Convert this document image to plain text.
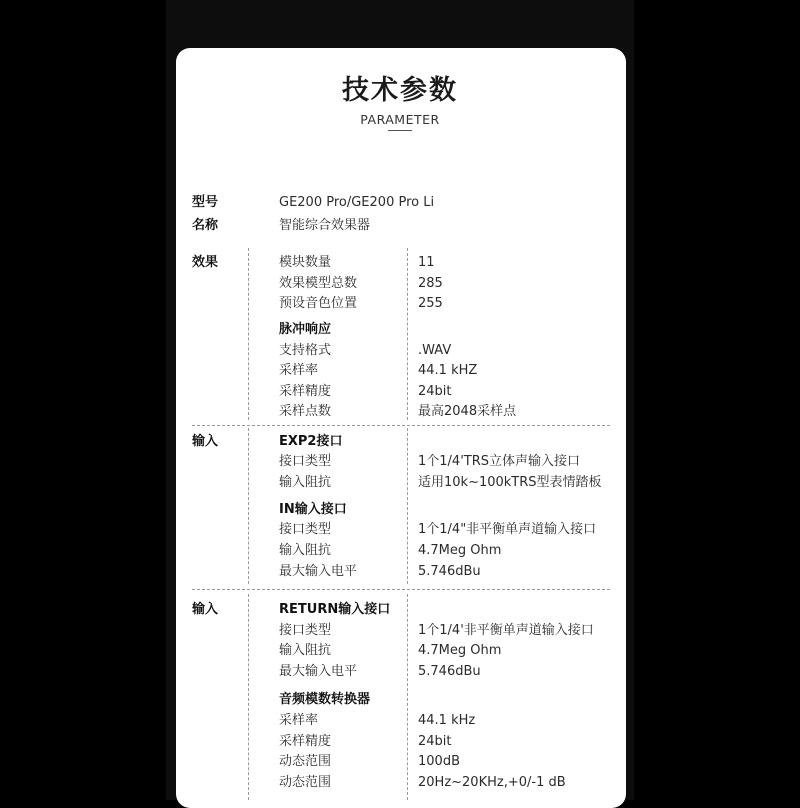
技术参数
PARAMETER
型号	GE200 Pro/GE200 Pro Li
名称	智能综合效果器
效果	模块数量	11
效果模型总数	285
预设音色位置	255
脉冲响应
支持格式	.WAV
采样率	44.1 kHZ
采样精度	24bit
采样点数	最高2048采样点
输入	EXP2接口
接口类型	1个1/4'TRS立体声输入接口
输入阻抗	适用10k~100kTRS型表情踏板
IN输入接口
接口类型	1个1/4"非平衡单声道输入接口
输入阻抗	4.7Meg Ohm
最大输入电平	5.746dBu
输入	RETURN输入接口
接口类型	1个1/4'非平衡单声道输入接口
输入阻抗	4.7Meg Ohm
最大输入电平	5.746dBu
音频模数转换器
采样率	44.1 kHz
采样精度	24bit
动态范围	100dB
动态范围	20Hz~20KHz,+0/-1 dB
